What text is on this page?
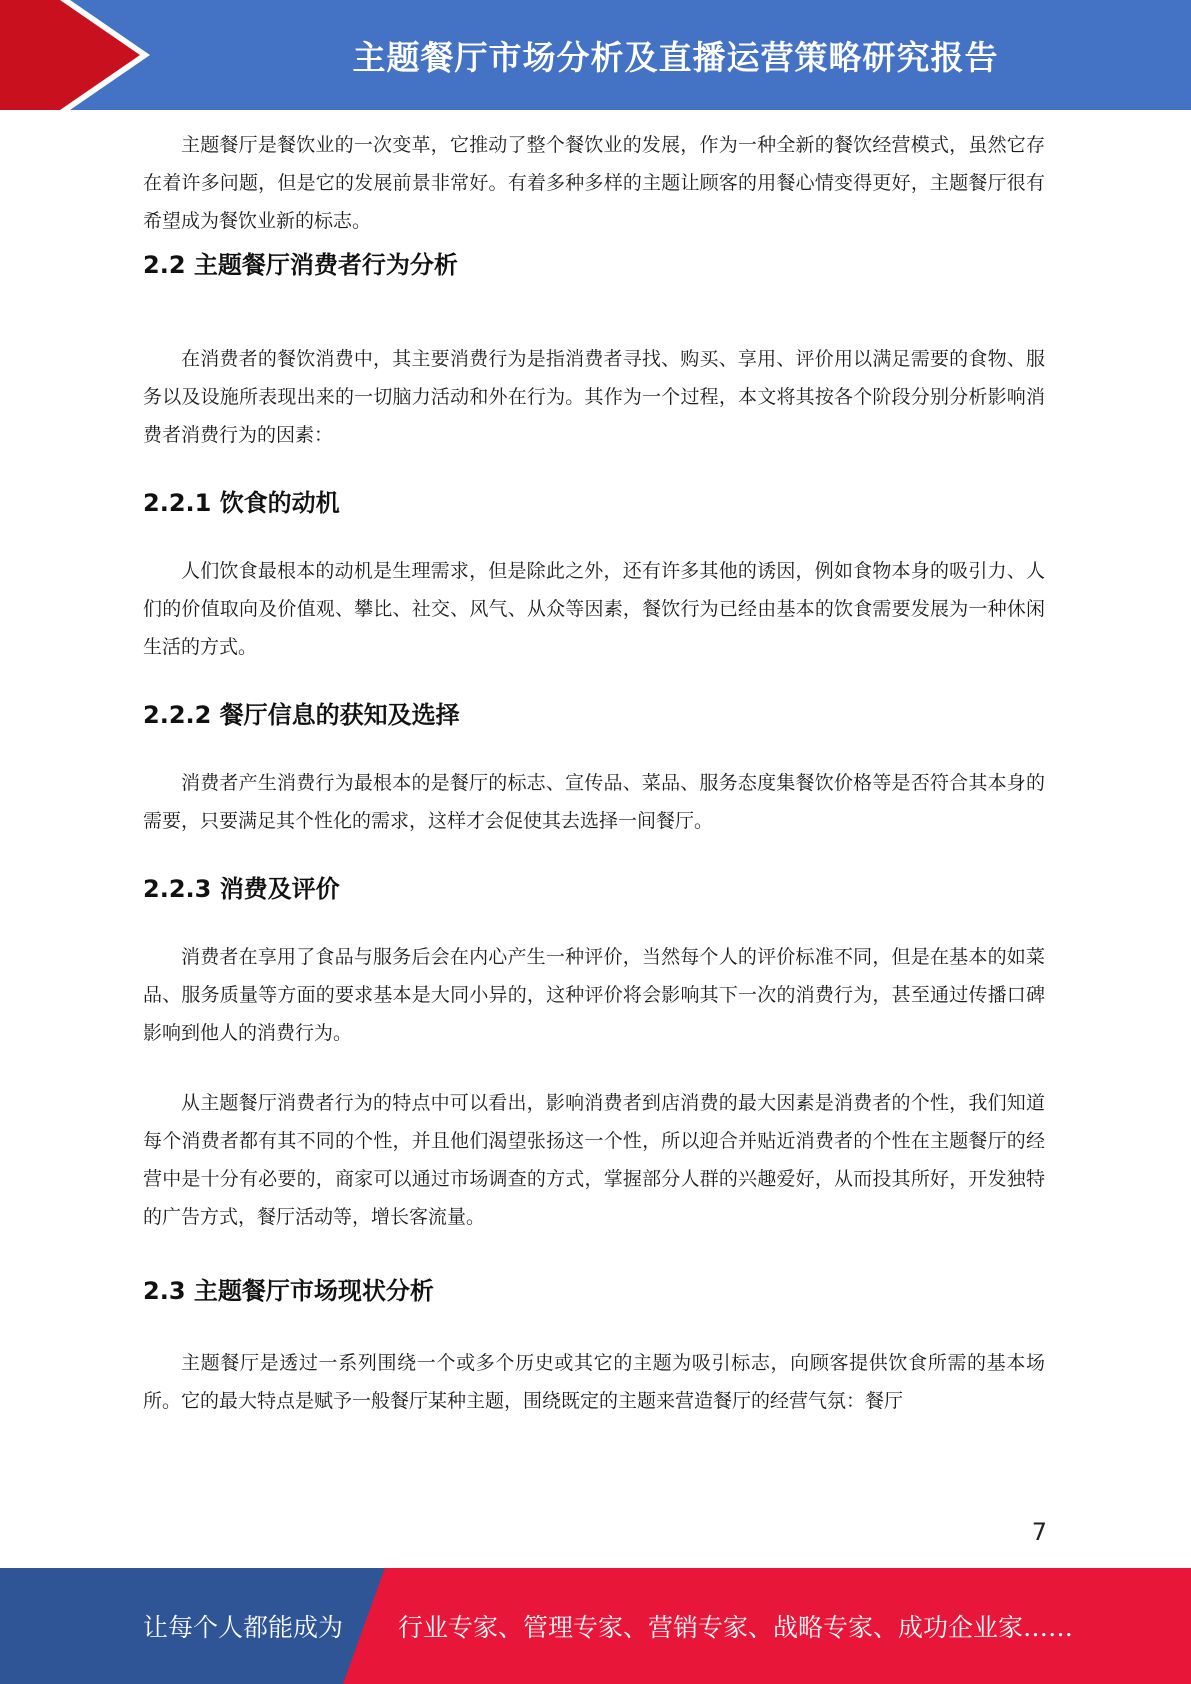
主题餐厅市场分析及直播运营策略研究报告

主题餐厅是餐饮业的一次变革，它推动了整个餐饮业的发展，作为一种全新的餐饮经营模式，虽然它存在着许多问题，但是它的发展前景非常好。有着多种多样的主题让顾客的用餐心情变得更好，主题餐厅很有希望成为餐饮业新的标志。

2.2 主题餐厅消费者行为分析

在消费者的餐饮消费中，其主要消费行为是指消费者寻找、购买、享用、评价用以满足需要的食物、服务以及设施所表现出来的一切脑力活动和外在行为。其作为一个过程，本文将其按各个阶段分别分析影响消费者消费行为的因素：

2.2.1 饮食的动机

人们饮食最根本的动机是生理需求，但是除此之外，还有许多其他的诱因，例如食物本身的吸引力、人们的价值取向及价值观、攀比、社交、风气、从众等因素，餐饮行为已经由基本的饮食需要发展为一种休闲生活的方式。

2.2.2 餐厅信息的获知及选择

消费者产生消费行为最根本的是餐厅的标志、宣传品、菜品、服务态度集餐饮价格等是否符合其本身的需要，只要满足其个性化的需求，这样才会促使其去选择一间餐厅。

2.2.3 消费及评价

消费者在享用了食品与服务后会在内心产生一种评价，当然每个人的评价标准不同，但是在基本的如菜品、服务质量等方面的要求基本是大同小异的，这种评价将会影响其下一次的消费行为，甚至通过传播口碑影响到他人的消费行为。

从主题餐厅消费者行为的特点中可以看出，影响消费者到店消费的最大因素是消费者的个性，我们知道每个消费者都有其不同的个性，并且他们渴望张扬这一个性，所以迎合并贴近消费者的个性在主题餐厅的经营中是十分有必要的，商家可以通过市场调查的方式，掌握部分人群的兴趣爱好，从而投其所好，开发独特的广告方式，餐厅活动等，增长客流量。

2.3 主题餐厅市场现状分析

主题餐厅是透过一系列围绕一个或多个历史或其它的主题为吸引标志，向顾客提供饮食所需的基本场所。它的最大特点是赋予一般餐厅某种主题，围绕既定的主题来营造餐厅的经营气氛：餐厅

7
让每个人都能成为 行业专家、管理专家、营销专家、战略专家、成功企业家……
